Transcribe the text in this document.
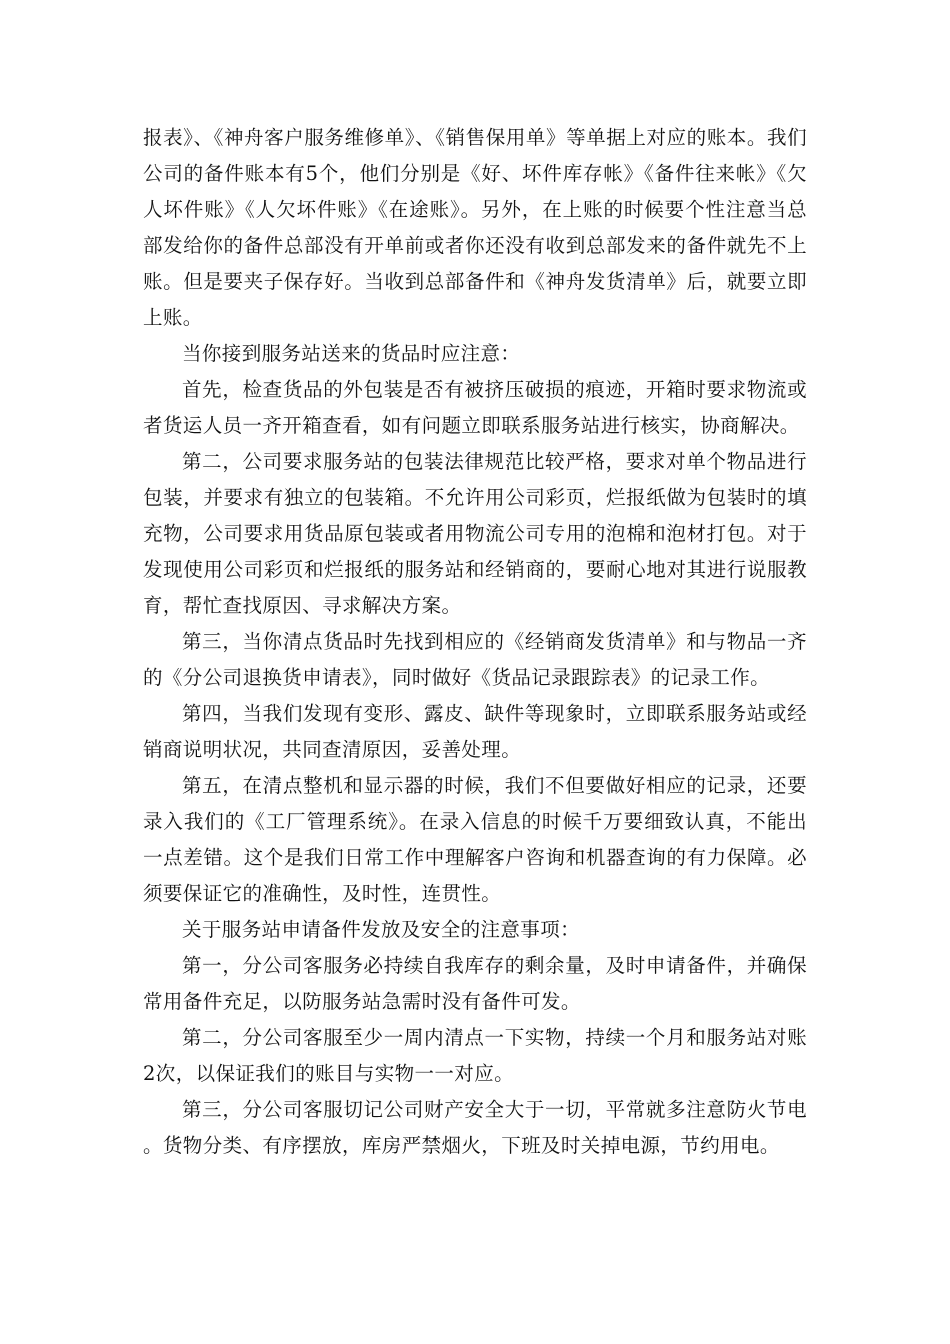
报表》、《神舟客户服务维修单》、《销售保用单》等单据上对应的账本。我们公司的备件账本有5个，他们分别是《好、坏件库存帐》《备件往来帐》《欠人坏件账》《人欠坏件账》《在途账》。另外，在上账的时候要个性注意当总部发给你的备件总部没有开单前或者你还没有收到总部发来的备件就先不上账。但是要夹子保存好。当收到总部备件和《神舟发货清单》后，就要立即上账。

当你接到服务站送来的货品时应注意：

首先，检查货品的外包装是否有被挤压破损的痕迹，开箱时要求物流或者货运人员一齐开箱查看，如有问题立即联系服务站进行核实，协商解决。

第二，公司要求服务站的包装法律规范比较严格，要求对单个物品进行包装，并要求有独立的包装箱。不允许用公司彩页，烂报纸做为包装时的填充物，公司要求用货品原包装或者用物流公司专用的泡棉和泡材打包。对于发现使用公司彩页和烂报纸的服务站和经销商的，要耐心地对其进行说服教育，帮忙查找原因、寻求解决方案。

第三，当你清点货品时先找到相应的《经销商发货清单》和与物品一齐的《分公司退换货申请表》，同时做好《货品记录跟踪表》的记录工作。

第四，当我们发现有变形、露皮、缺件等现象时，立即联系服务站或经销商说明状况，共同查清原因，妥善处理。

第五，在清点整机和显示器的时候，我们不但要做好相应的记录，还要录入我们的《工厂管理系统》。在录入信息的时候千万要细致认真，不能出一点差错。这个是我们日常工作中理解客户咨询和机器查询的有力保障。必须要保证它的准确性，及时性，连贯性。

关于服务站申请备件发放及安全的注意事项：

第一，分公司客服务必持续自我库存的剩余量，及时申请备件，并确保常用备件充足，以防服务站急需时没有备件可发。

第二，分公司客服至少一周内清点一下实物，持续一个月和服务站对账2次，以保证我们的账目与实物一一对应。

第三，分公司客服切记公司财产安全大于一切，平常就多注意防火节电。货物分类、有序摆放，库房严禁烟火，下班及时关掉电源，节约用电。
